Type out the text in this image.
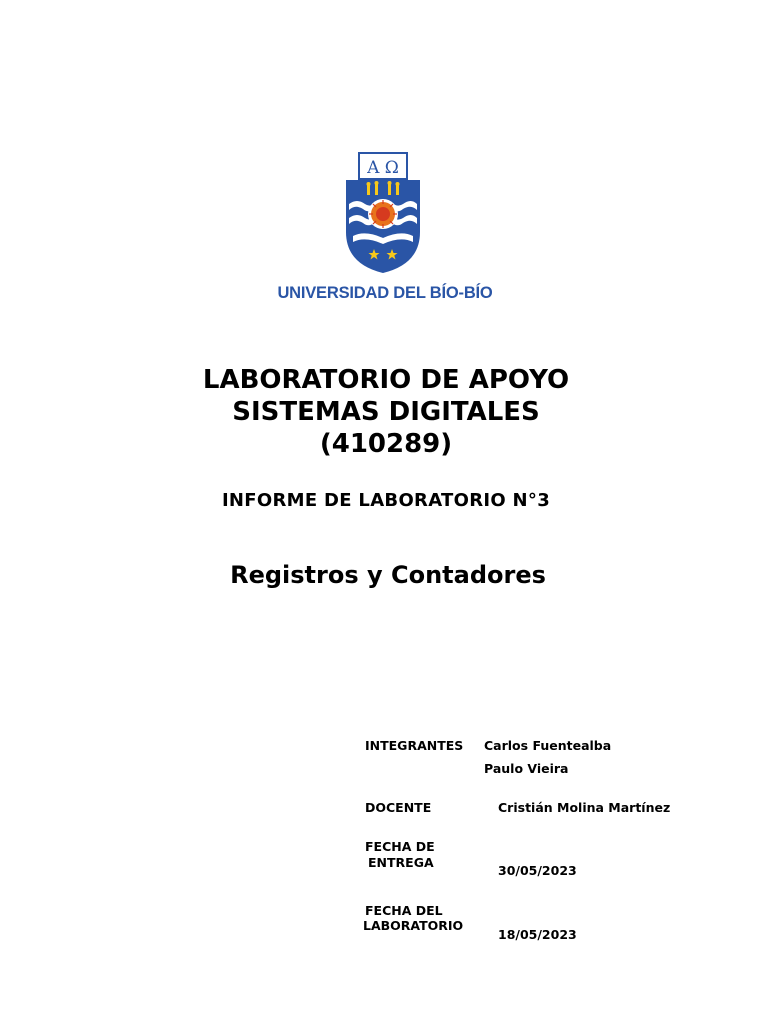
A Ω
UNIVERSIDAD DEL BÍO-BÍO
LABORATORIO DE APOYO
SISTEMAS DIGITALES
(410289)
INFORME DE LABORATORIO N°3
Registros y Contadores
INTEGRANTES Carlos Fuentealba
Paulo Vieira
DOCENTE	Cristián Molina Martínez
FECHA DE
ENTREGA
30/05/2023
FECHA DEL
LABORATORIO
18/05/2023
